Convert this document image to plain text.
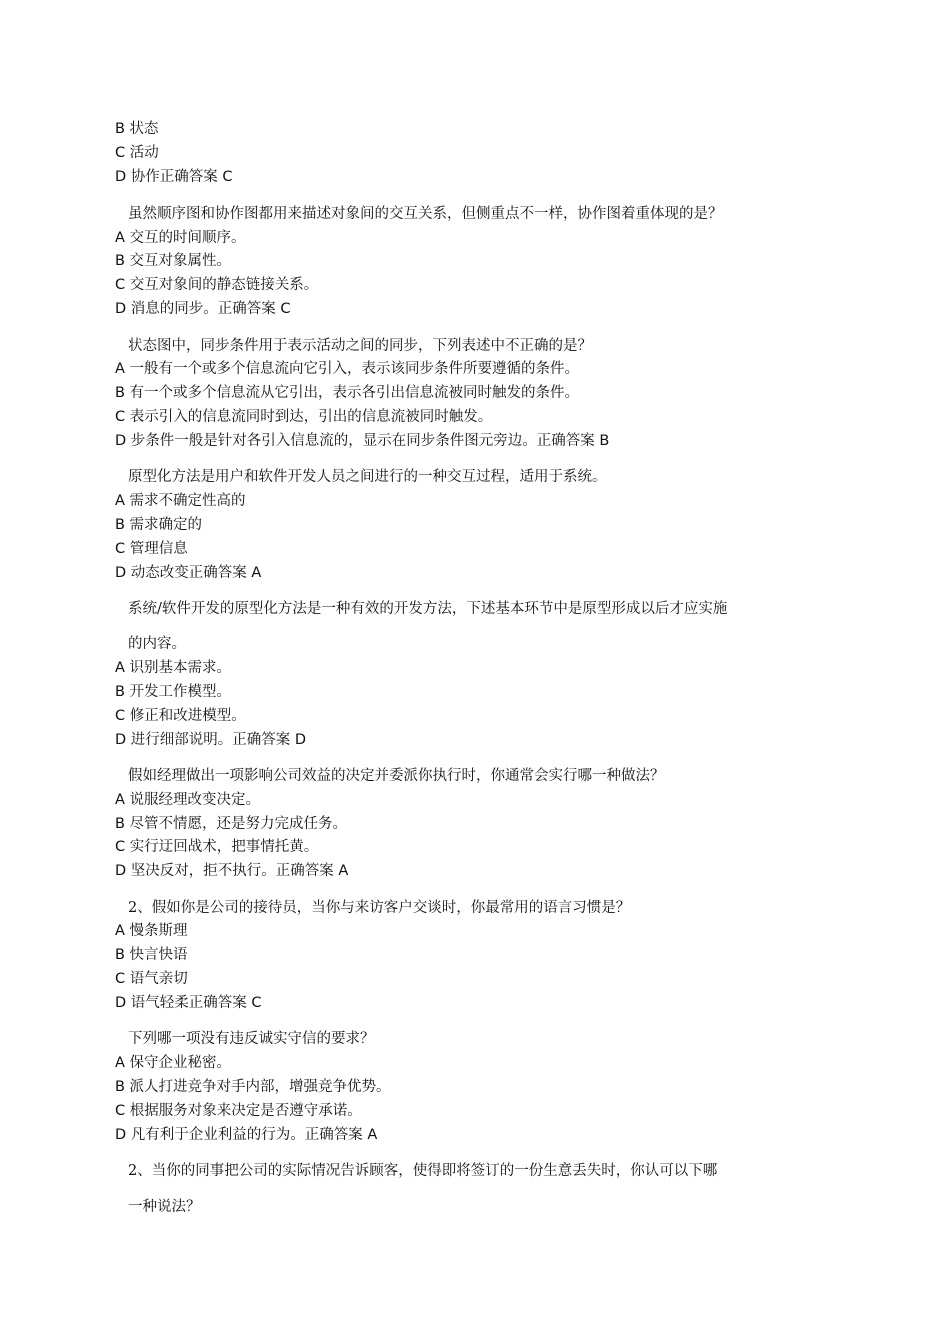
B 状态
C 活动
D 协作正确答案 C
虽然顺序图和协作图都用来描述对象间的交互关系，但侧重点不一样，协作图着重体现的是？
A 交互的时间顺序。
B 交互对象属性。
C 交互对象间的静态链接关系。
D 消息的同步。正确答案 C
状态图中，同步条件用于表示活动之间的同步，下列表述中不正确的是？
A 一般有一个或多个信息流向它引入，表示该同步条件所要遵循的条件。
B 有一个或多个信息流从它引出，表示各引出信息流被同时触发的条件。
C 表示引入的信息流同时到达，引出的信息流被同时触发。
D 步条件一般是针对各引入信息流的，显示在同步条件图元旁边。正确答案 B
原型化方法是用户和软件开发人员之间进行的一种交互过程，适用于系统。
A 需求不确定性高的
B 需求确定的
C 管理信息
D 动态改变正确答案 A
系统/软件开发的原型化方法是一种有效的开发方法，下述基本环节中是原型形成以后才应实施
的内容。
A 识别基本需求。
B 开发工作模型。
C 修正和改进模型。
D 进行细部说明。正确答案 D
假如经理做出一项影响公司效益的决定并委派你执行时，你通常会实行哪一种做法？
A 说服经理改变决定。
B 尽管不情愿，还是努力完成任务。
C 实行迂回战术，把事情托黄。
D 坚决反对，拒不执行。正确答案 A
2、假如你是公司的接待员，当你与来访客户交谈时，你最常用的语言习惯是？
A 慢条斯理
B 快言快语
C 语气亲切
D 语气轻柔正确答案 C
下列哪一项没有违反诚实守信的要求？
A 保守企业秘密。
B 派人打进竞争对手内部，增强竞争优势。
C 根据服务对象来决定是否遵守承诺。
D 凡有利于企业利益的行为。正确答案 A
2、当你的同事把公司的实际情况告诉顾客，使得即将签订的一份生意丢失时，你认可以下哪
一种说法？
